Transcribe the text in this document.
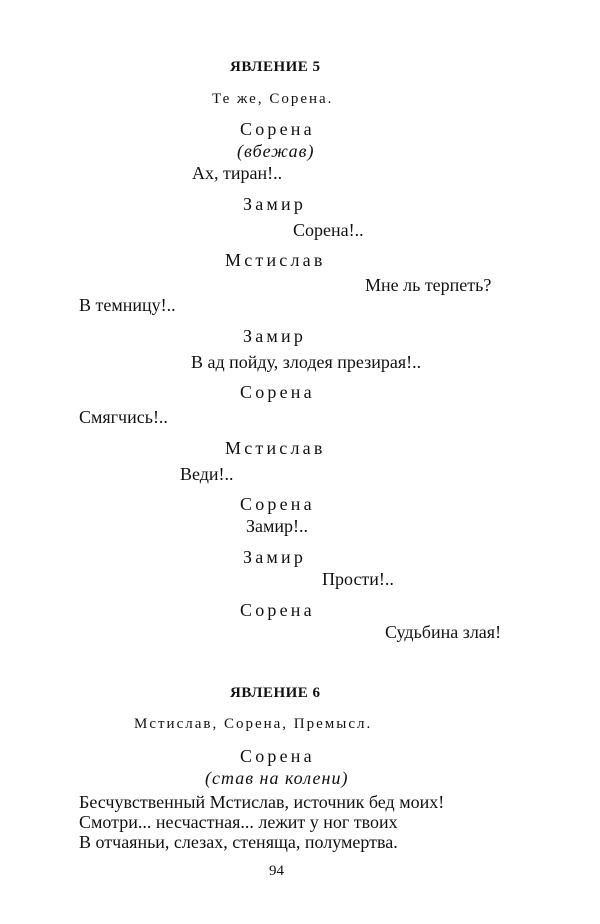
ЯВЛЕНИЕ 5
Те же, Сорена.
Сорена
(вбежав)
Ах, тиран!..
Замир
Сорена!..
Мстислав
Мне ль терпеть?
В темницу!..
Замир
В ад пойду, злодея презирая!..
Сорена
Смягчись!..
Мстислав
Веди!..
Сорена
Замир!..
Замир
Прости!..
Сорена
Судьбина злая!
ЯВЛЕНИЕ 6
Мстислав, Сорена, Премысл.
Сорена
(став на колени)
Бесчувственный Мстислав, источник бед моих!
Смотри... несчастная... лежит у ног твоих
В отчаяньи, слезах, стеняща, полумертва.
94
